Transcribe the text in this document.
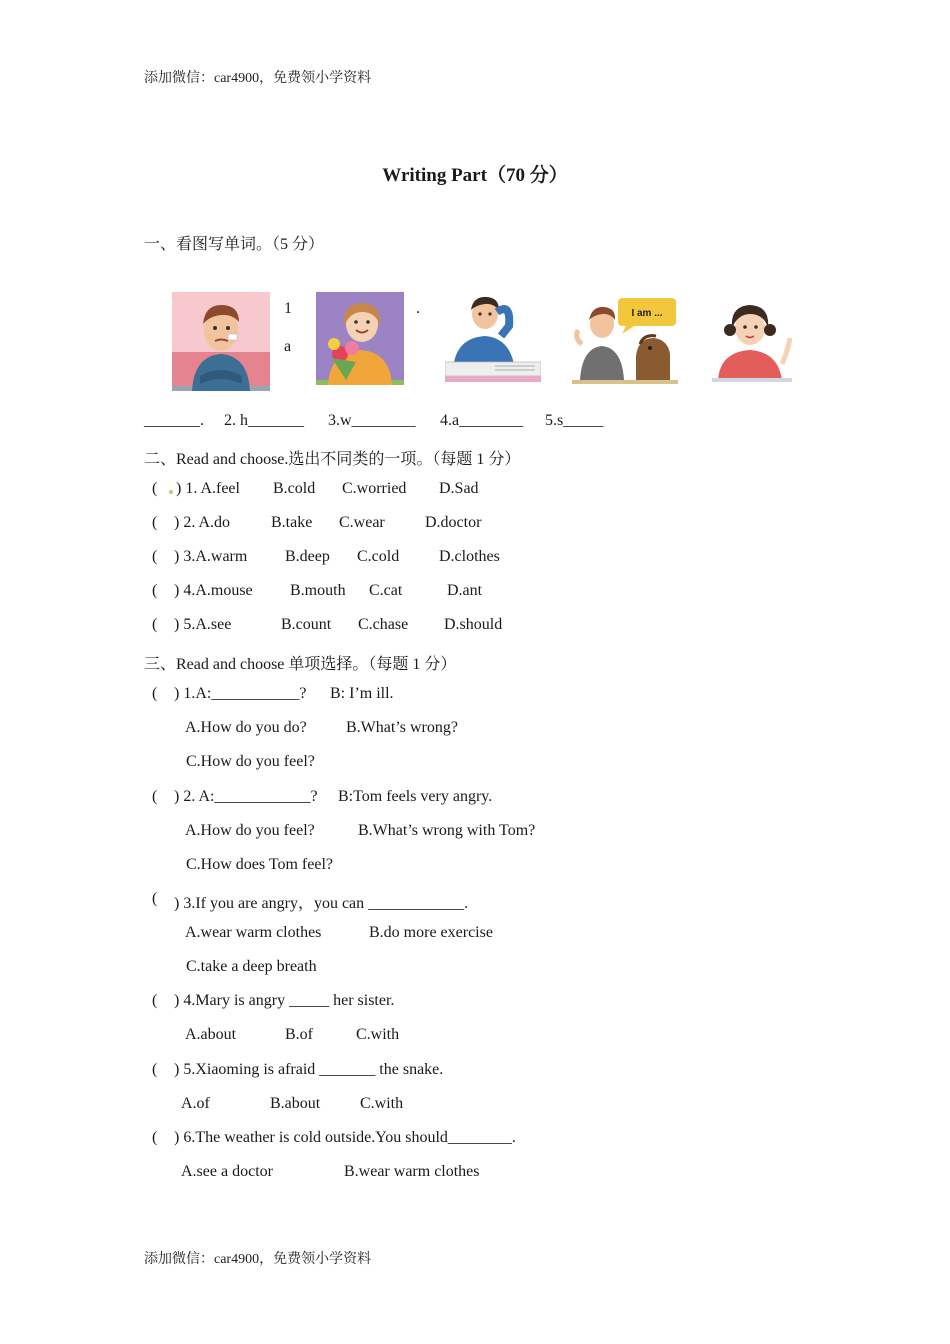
添加微信：car4900，免费领小学资料
Writing Part（70 分）
一、看图写单词。（5 分）
1
a
.	I am ...
_______. 2. h_______ 3.w________ 4.a________ 5.s_____
二、Read and choose.选出不同类的一项。（每题 1 分）
( ) 1. A.feel B.cold C.worried D.Sad
( ) 2. A.do	B.take C.wear	D.doctor
( ) 3.A.warm B.deep C.cold D.clothes
( ) 4.A.mouse B.mouth C.cat	D.ant
( ) 5.A.see	B.count C.chase D.should
三、Read and choose 单项选择。（每题 1 分）
( ) 1.A:___________? B: I’m ill.
A.How do you do? B.What’s wrong?
C.How do you feel?
( ) 2. A:____________? B:Tom feels very angry.
A.How do you feel?	B.What’s wrong with Tom?
C.How does Tom feel?
( ) 3.If you are angry，you can ____________.
A.wear warm clothes	B.do more exercise
C.take a deep breath
( ) 4.Mary is angry _____ her sister.
A.about	B.of	C.with
( ) 5.Xiaoming is afraid _______ the snake.
A.of	B.about C.with
( ) 6.The weather is cold outside.You should________.
A.see a doctor	B.wear warm clothes
添加微信：car4900，免费领小学资料
